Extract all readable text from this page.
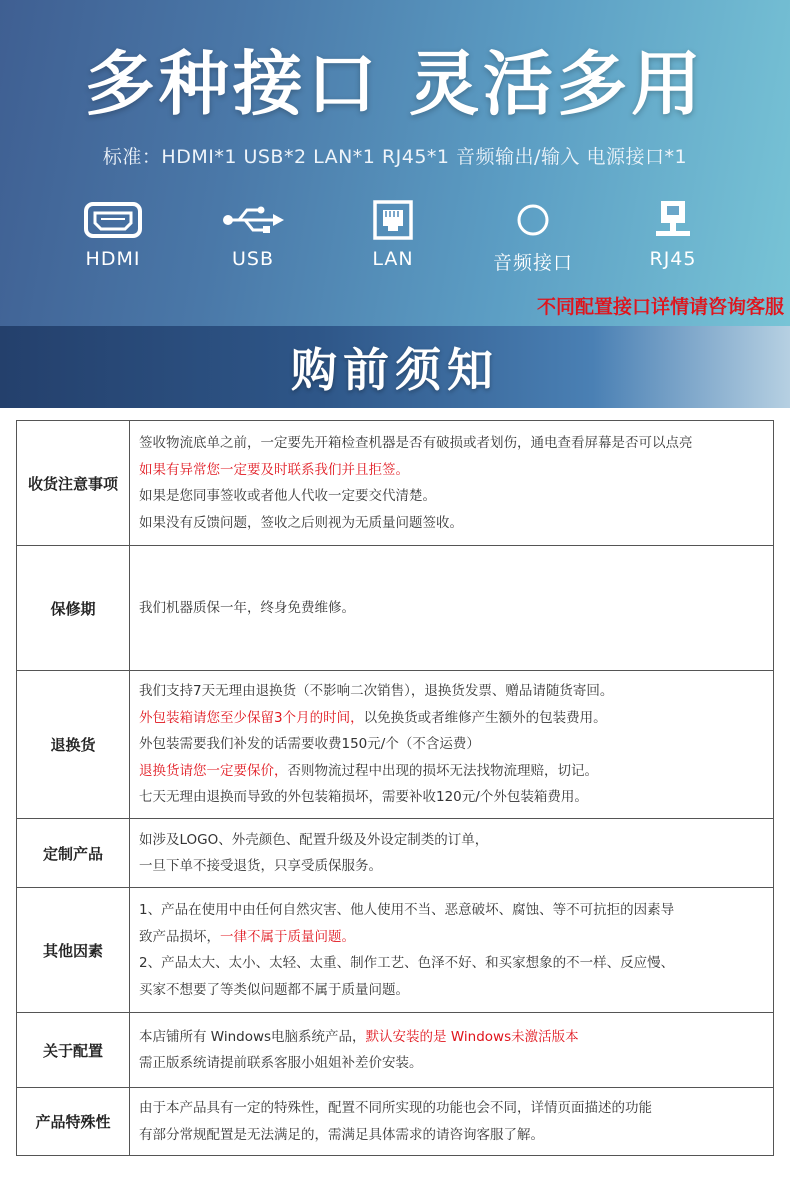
多种接口 灵活多用
标准：HDMI*1 USB*2 LAN*1 RJ45*1 音频输出/输入 电源接口*1
HDMI	USB	LAN	音频接口	RJ45
不同配置接口详情请咨询客服
购前须知
收货注意事项	签收物流底单之前，一定要先开箱检查机器是否有破损或者划伤，通电查看屏幕是否可以点亮
如果有异常您一定要及时联系我们并且拒签。
如果是您同事签收或者他人代收一定要交代清楚。
如果没有反馈问题，签收之后则视为无质量问题签收。

保修期	我们机器质保一年，终身免费维修。

退换货	我们支持7天无理由退换货（不影响二次销售），退换货发票、赠品请随货寄回。
外包装箱请您至少保留3个月的时间，以免换货或者维修产生额外的包装费用。
外包装需要我们补发的话需要收费150元/个（不含运费）
退换货请您一定要保价，否则物流过程中出现的损坏无法找物流理赔，切记。
七天无理由退换而导致的外包装箱损坏，需要补收120元/个外包装箱费用。

定制产品	如涉及LOGO、外壳颜色、配置升级及外设定制类的订单，
一旦下单不接受退货，只享受质保服务。

其他因素	1、产品在使用中由任何自然灾害、他人使用不当、恶意破坏、腐蚀、等不可抗拒的因素导
致产品损坏，一律不属于质量问题。
2、产品太大、太小、太轻、太重、制作工艺、色泽不好、和买家想象的不一样、反应慢、
买家不想要了等类似问题都不属于质量问题。

关于配置	本店铺所有 Windows电脑系统产品，默认安装的是 Windows未激活版本
需正版系统请提前联系客服小姐姐补差价安装。

产品特殊性	由于本产品具有一定的特殊性，配置不同所实现的功能也会不同，详情页面描述的功能
有部分常规配置是无法满足的，需满足具体需求的请咨询客服了解。
